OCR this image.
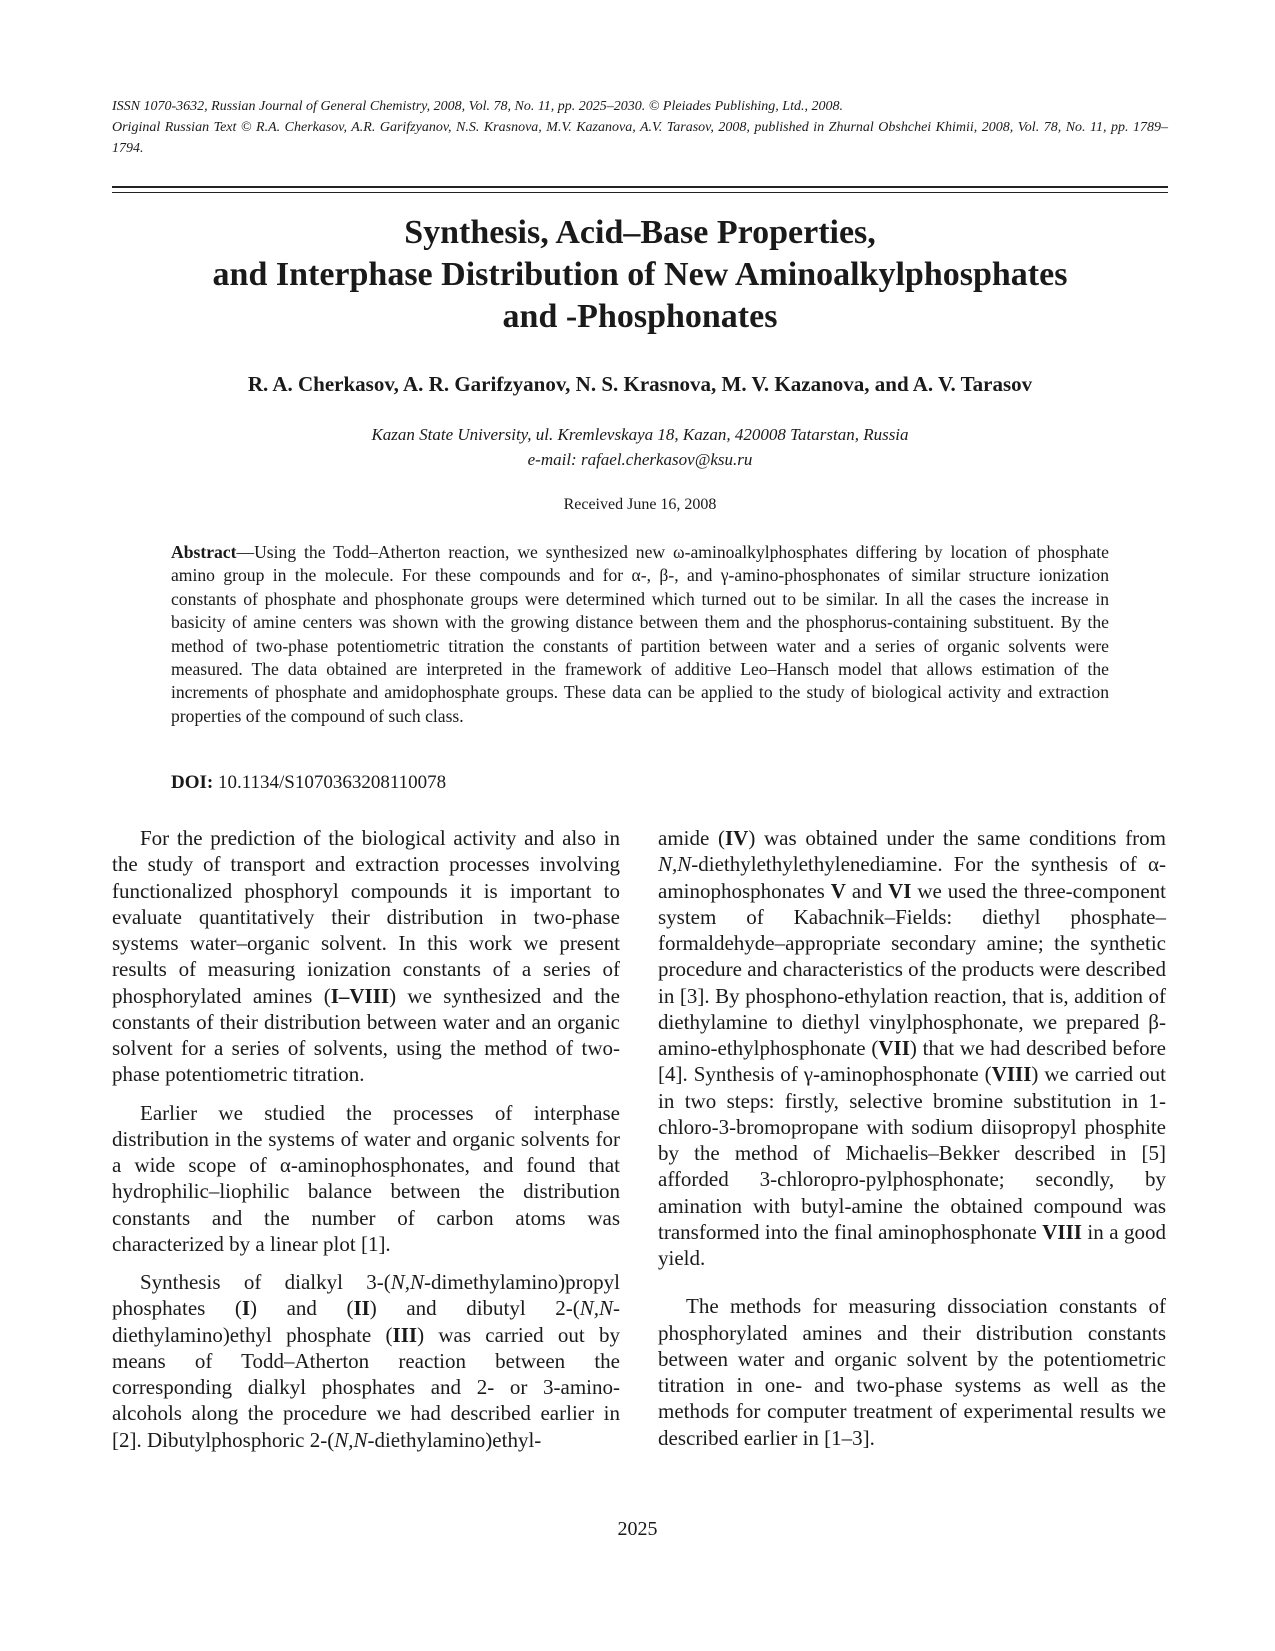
ISSN 1070-3632, Russian Journal of General Chemistry, 2008, Vol. 78, No. 11, pp. 2025–2030. © Pleiades Publishing, Ltd., 2008.
Original Russian Text © R.A. Cherkasov, A.R. Garifzyanov, N.S. Krasnova, M.V. Kazanova, A.V. Tarasov, 2008, published in Zhurnal Obshchei Khimii, 2008, Vol. 78, No. 11, pp. 1789–1794.
Synthesis, Acid–Base Properties,
and Interphase Distribution of New Aminoalkylphosphates
and -Phosphonates
R. A. Cherkasov, A. R. Garifzyanov, N. S. Krasnova, M. V. Kazanova, and A. V. Tarasov
Kazan State University, ul. Kremlevskaya 18, Kazan, 420008 Tatarstan, Russia
e-mail: rafael.cherkasov@ksu.ru
Received June 16, 2008
Abstract—Using the Todd–Atherton reaction, we synthesized new ω-aminoalkylphosphates differing by location of phosphate amino group in the molecule. For these compounds and for α-, β-, and γ-amino-phosphonates of similar structure ionization constants of phosphate and phosphonate groups were determined which turned out to be similar. In all the cases the increase in basicity of amine centers was shown with the growing distance between them and the phosphorus-containing substituent. By the method of two-phase potentiometric titration the constants of partition between water and a series of organic solvents were measured. The data obtained are interpreted in the framework of additive Leo–Hansch model that allows estimation of the increments of phosphate and amidophosphate groups. These data can be applied to the study of biological activity and extraction properties of the compound of such class.
DOI: 10.1134/S1070363208110078

For the prediction of the biological activity and also in the study of transport and extraction processes involving functionalized phosphoryl compounds it is important to evaluate quantitatively their distribution in two-phase systems water–organic solvent. In this work we present results of measuring ionization constants of a series of phosphorylated amines (I–VIII) we synthesized and the constants of their distribution between water and an organic solvent for a series of solvents, using the method of two-phase potentiometric titration.

Earlier we studied the processes of interphase distribution in the systems of water and organic solvents for a wide scope of α-aminophosphonates, and found that hydrophilic–liophilic balance between the distribution constants and the number of carbon atoms was characterized by a linear plot [1].

Synthesis of dialkyl 3-(N,N-dimethylamino)propyl phosphates (I) and (II) and dibutyl 2-(N,N-diethylamino)ethyl phosphate (III) was carried out by means of Todd–Atherton reaction between the corresponding dialkyl phosphates and 2- or 3-amino-alcohols along the procedure we had described earlier in [2]. Dibutylphosphoric 2-(N,N-diethylamino)ethyl-

amide (IV) was obtained under the same conditions from N,N-diethylethylethylenediamine. For the synthesis of α-aminophosphonates V and VI we used the three-component system of Kabachnik–Fields: diethyl phosphate–formaldehyde–appropriate secondary amine; the synthetic procedure and characteristics of the products were described in [3]. By phosphono-ethylation reaction, that is, addition of diethylamine to diethyl vinylphosphonate, we prepared β-amino-ethylphosphonate (VII) that we had described before [4]. Synthesis of γ-aminophosphonate (VIII) we carried out in two steps: firstly, selective bromine substitution in 1-chloro-3-bromopropane with sodium diisopropyl phosphite by the method of Michaelis–Bekker described in [5] afforded 3-chloropro-pylphosphonate; secondly, by amination with butyl-amine the obtained compound was transformed into the final aminophosphonate VIII in a good yield.

The methods for measuring dissociation constants of phosphorylated amines and their distribution constants between water and organic solvent by the potentiometric titration in one- and two-phase systems as well as the methods for computer treatment of experimental results we described earlier in [1–3].

2025
